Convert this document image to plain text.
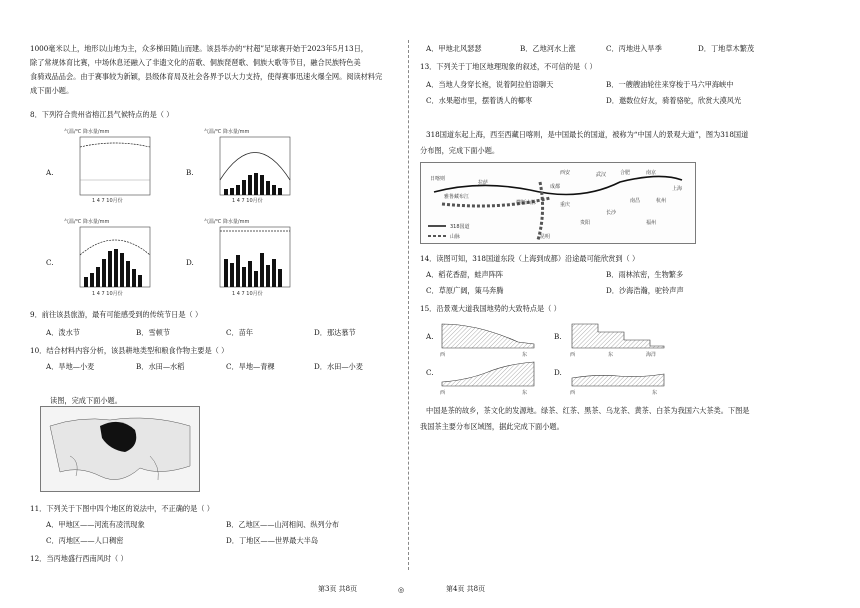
1000毫米以上，地形以山地为主，众多梯田随山而建。该县举办的“村超”足球赛开始于2023年5月13日，
除了常规体育比赛，中场休息还融入了非遗文化的苗歌、侗族琵琶歌、侗族大歌等节目，融合民族特色美
食骑戏品品会。由于赛事较为新颖，县级体育局及社会各界予以大力支持，使得赛事迅速火爆全网。阅读材料完
成下面小题。
8．下列符合贵州省榕江县气候特点的是（ ）
A.
气温/℃ 降水量/mm
1 4 7 10月份
B.
气温/℃ 降水量/mm
1 4 7 10月份
C.
气温/℃ 降水量/mm
1 4 7 10月份
D.
气温/℃ 降水量/mm
1 4 7 10月份
9．前往该县旅游，最有可能感受到的传统节日是（ ）
A．泼水节	B．雪顿节	C．苗年	D．那达慕节
10．结合材料内容分析，该县耕地类型和粮食作物主要是（ ）
A．旱地—小麦	B．水田—水稻	C．旱地—青稞	D．水田—小麦
读图，完成下面小题。
11．下列关于下图中四个地区的说法中，不正确的是（ ）
A．甲地区——河流有凌汛现象	B．乙地区——山河相间、纵列分布
C．丙地区——人口稠密	D．丁地区——世界最大半岛
12．当丙地盛行西南风时（ ）
第3页 共8页
A．甲地北风瑟瑟	B．乙地河水上涨	C．丙地进入旱季	D．丁地草木繁茂
13．下列关于丁地区地理现象的叙述，不可信的是（ ）
A．当地人身穿长袍，说着阿拉伯语聊天	B．一艘艘油轮往来穿梭于马六甲海峡中
C．水果超市里，摆着诱人的椰枣	D．邀数位好友，骑着骆驼，欣赏大漠风光
318国道东起上海，西至西藏日喀则，是中国最长的国道，被称为“中国人的景观大道”，图为318国道
分布图，完成下面小题。
日喀则
拉萨
西安	武汉	合肥	南京
上海
成都
重庆
长沙
杭州
南昌
贵阳	福州
昆明
雅鲁藏布江
横断山脉
318国道
山脉
14．读图可知，318国道东段（上海到成都）沿途最可能欣赏到（ ）
A．稻花香甜，蛙声阵阵	B．雨林浓密，生物繁多
C．草原广阔，策马奔腾	D．沙海浩瀚，驼铃声声
15．沿景观大道我国地势的大致特点是（ ）
A.
西	东
B.
西	东	海洋
C.
西	东
D.
西	东
中国是茶的故乡，茶文化的发源地。绿茶、红茶、黑茶、乌龙茶、黄茶、白茶为我国六大茶类。下图是
我国茶主要分布区域图，据此完成下面小题。
第4页 共8页
◎
